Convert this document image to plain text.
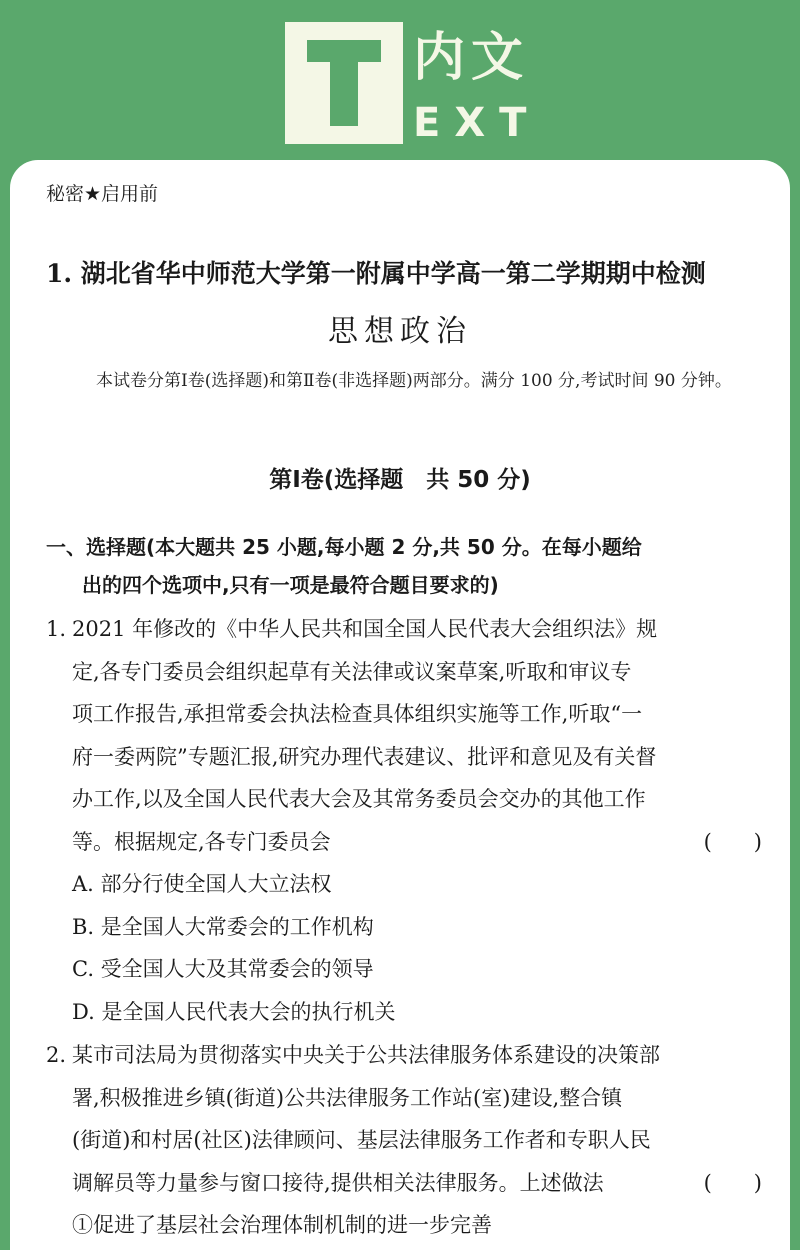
内文
EXT
秘密★启用前
1. 湖北省华中师范大学第一附属中学高一第二学期期中检测
思想政治
本试卷分第Ⅰ卷(选择题)和第Ⅱ卷(非选择题)两部分。满分 100 分,考试时间 90 分钟。
第Ⅰ卷(选择题　共 50 分)
一、选择题(本大题共 25 小题,每小题 2 分,共 50 分。在每小题给
出的四个选项中,只有一项是最符合题目要求的)
1. 2021 年修改的《中华人民共和国全国人民代表大会组织法》规
定,各专门委员会组织起草有关法律或议案草案,听取和审议专
项工作报告,承担常委会执法检查具体组织实施等工作,听取“一
府一委两院”专题汇报,研究办理代表建议、批评和意见及有关督
办工作,以及全国人民代表大会及其常务委员会交办的其他工作
等。根据规定,各专门委员会	(　　)
A. 部分行使全国人大立法权
B. 是全国人大常委会的工作机构
C. 受全国人大及其常委会的领导
D. 是全国人民代表大会的执行机关
2. 某市司法局为贯彻落实中央关于公共法律服务体系建设的决策部
署,积极推进乡镇(街道)公共法律服务工作站(室)建设,整合镇
(街道)和村居(社区)法律顾问、基层法律服务工作者和专职人民
调解员等力量参与窗口接待,提供相关法律服务。上述做法	(　　)
①促进了基层社会治理体制机制的进一步完善
